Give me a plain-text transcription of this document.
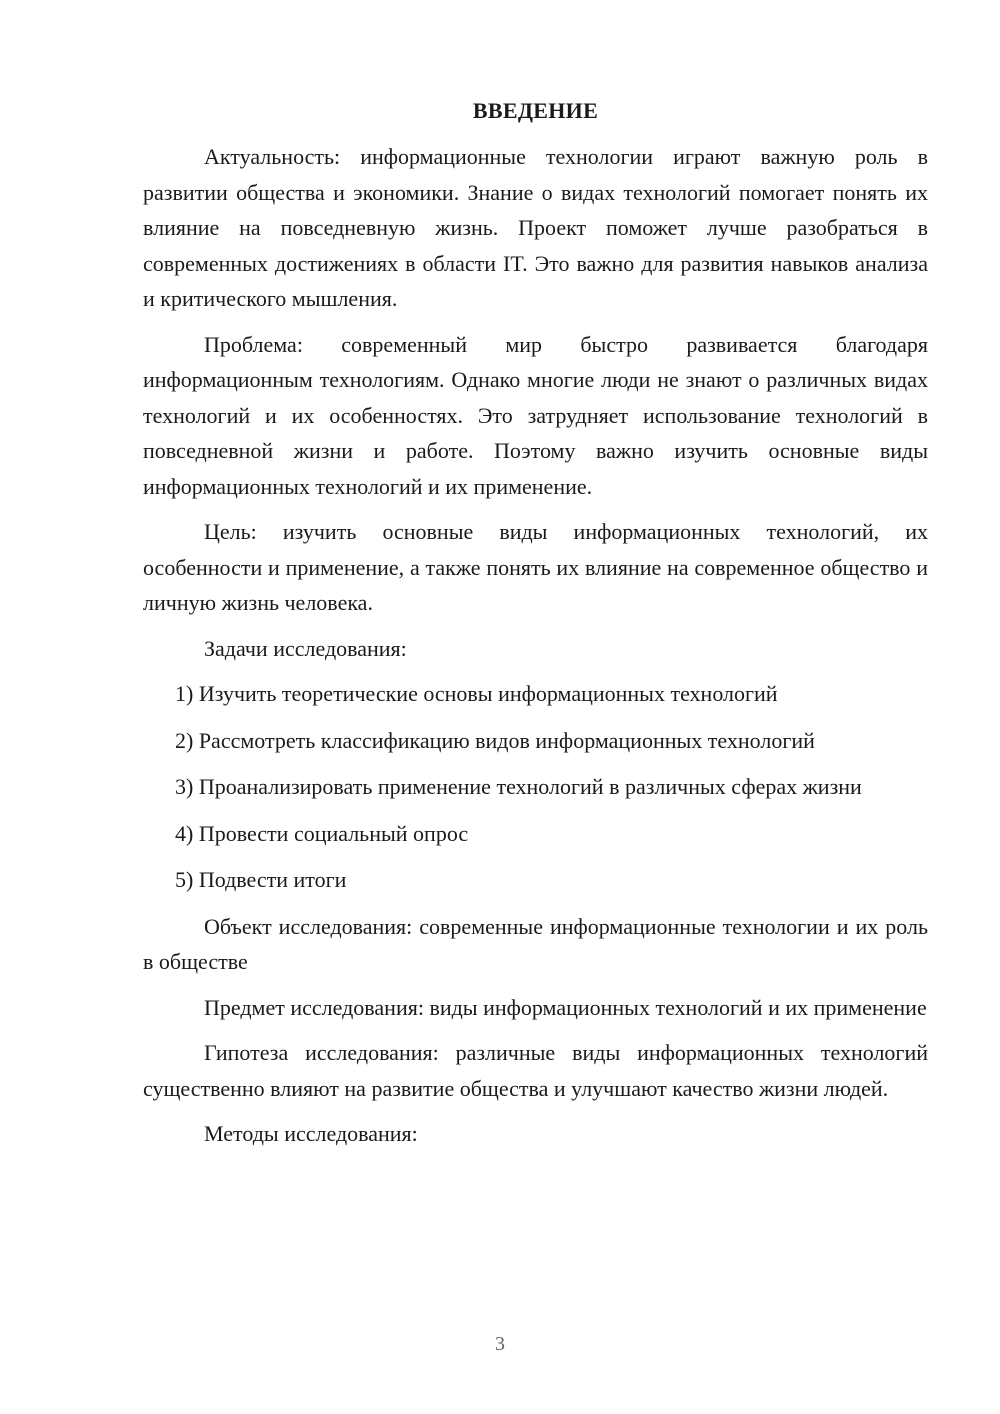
ВВЕДЕНИЕ

Актуальность: информационные технологии играют важную роль в развитии общества и экономики. Знание о видах технологий помогает понять их влияние на повседневную жизнь. Проект поможет лучше разобраться в современных достижениях в области IT. Это важно для развития навыков анализа и критического мышления.

Проблема: современный мир быстро развивается благодаря информационным технологиям. Однако многие люди не знают о различных видах технологий и их особенностях. Это затрудняет использование технологий в повседневной жизни и работе. Поэтому важно изучить основные виды информационных технологий и их применение.

Цель: изучить основные виды информационных технологий, их особенности и применение, а также понять их влияние на современное общество и личную жизнь человека.

Задачи исследования:

1) Изучить теоретические основы информационных технологий

2) Рассмотреть классификацию видов информационных технологий

3) Проанализировать применение технологий в различных сферах жизни

4) Провести социальный опрос

5) Подвести итоги

Объект исследования: современные информационные технологии и их роль в обществе

Предмет исследования: виды информационных технологий и их применение

Гипотеза исследования: различные виды информационных технологий существенно влияют на развитие общества и улучшают качество жизни людей.

Методы исследования:

3
